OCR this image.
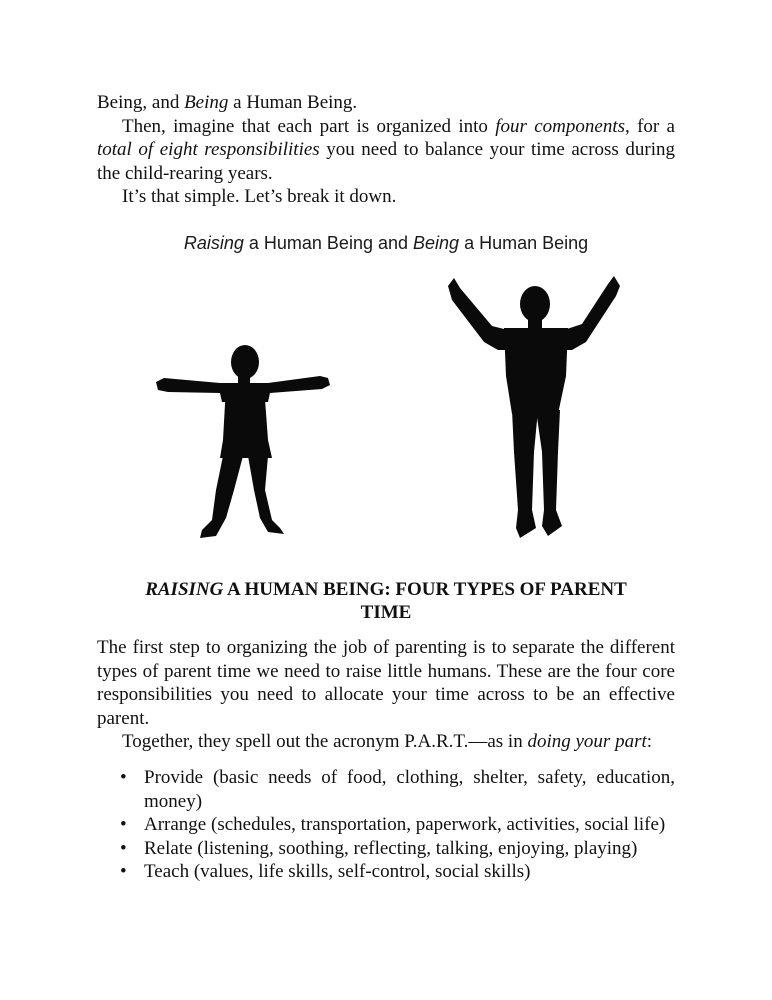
Being, and Being a Human Being.

Then, imagine that each part is organized into four components, for a total of eight responsibilities you need to balance your time across during the child-rearing years.

It’s that simple. Let’s break it down.

Raising a Human Being and Being a Human Being
RAISING A HUMAN BEING: FOUR TYPES OF PARENT
TIME

The first step to organizing the job of parenting is to separate the different types of parent time we need to raise little humans. These are the four core responsibilities you need to allocate your time across to be an effective parent.

Together, they spell out the acronym P.A.R.T.—as in doing your part:

• Provide (basic needs of food, clothing, shelter, safety, education, money)
• Arrange (schedules, transportation, paperwork, activities, social life)
• Relate (listening, soothing, reflecting, talking, enjoying, playing)
• Teach (values, life skills, self-control, social skills)
